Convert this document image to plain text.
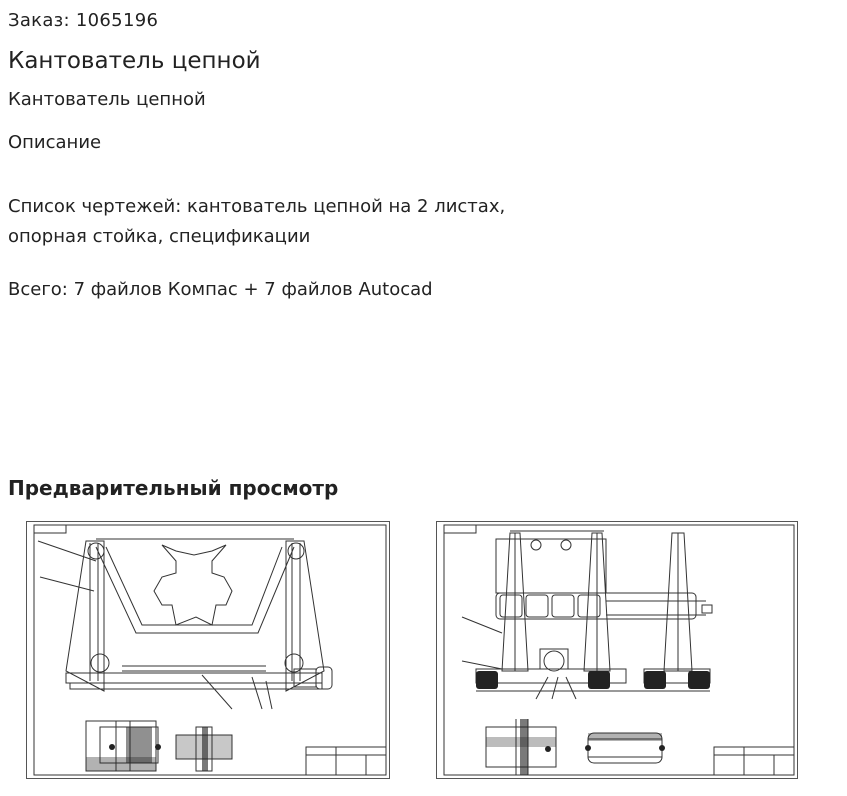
Заказ: 1065196
Кантователь цепной
Кантователь цепной
Описание

Список чертежей: кантователь цепной на 2 листах,

опорная стойка, спецификации

Всего: 7 файлов Компас + 7 файлов Autocad
Предварительный просмотр
